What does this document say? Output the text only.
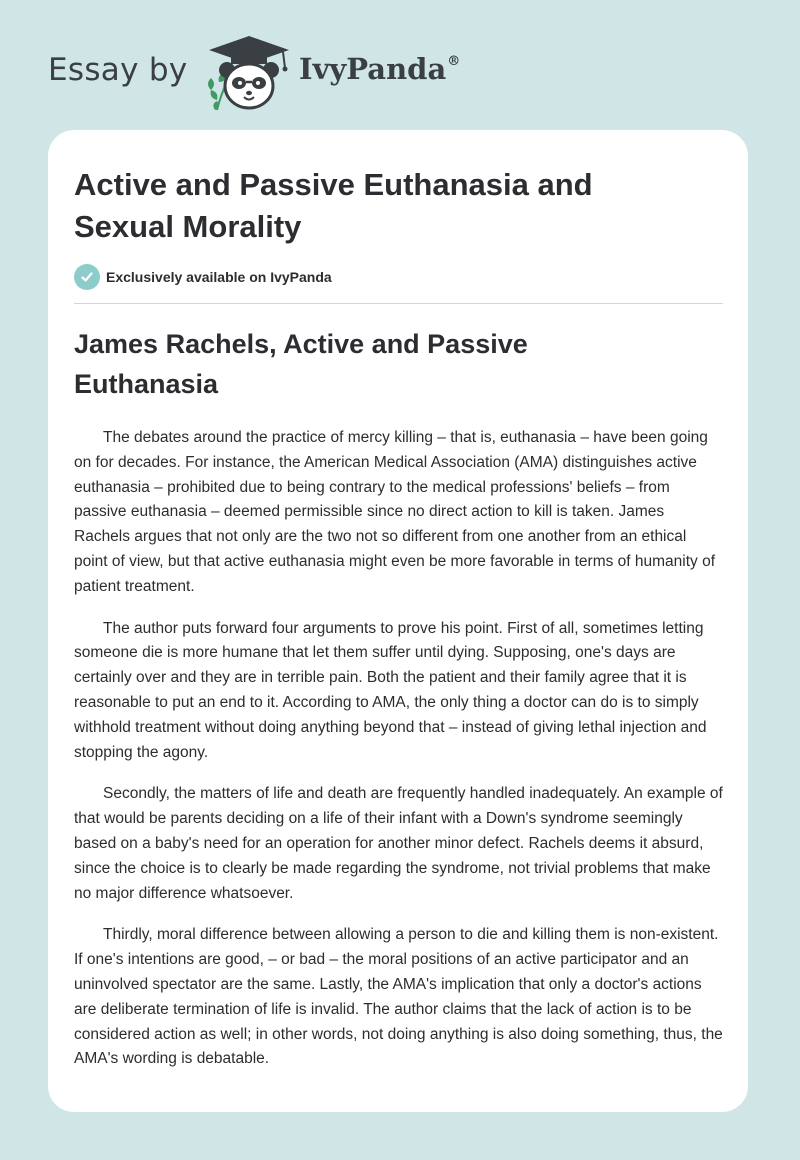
Essay by	IvyPanda®
Active and Passive Euthanasia and Sexual Morality
Exclusively available on IvyPanda
James Rachels, Active and Passive Euthanasia

The debates around the practice of mercy killing – that is, euthanasia – have been going on for decades. For instance, the American Medical Association (AMA) distinguishes active euthanasia – prohibited due to being contrary to the medical professions' beliefs – from passive euthanasia – deemed permissible since no direct action to kill is taken. James Rachels argues that not only are the two not so different from one another from an ethical point of view, but that active euthanasia might even be more favorable in terms of humanity of patient treatment.

The author puts forward four arguments to prove his point. First of all, sometimes letting someone die is more humane that let them suffer until dying. Supposing, one's days are certainly over and they are in terrible pain. Both the patient and their family agree that it is reasonable to put an end to it. According to AMA, the only thing a doctor can do is to simply withhold treatment without doing anything beyond that – instead of giving lethal injection and stopping the agony.

Secondly, the matters of life and death are frequently handled inadequately. An example of that would be parents deciding on a life of their infant with a Down's syndrome seemingly based on a baby's need for an operation for another minor defect. Rachels deems it absurd, since the choice is to clearly be made regarding the syndrome, not trivial problems that make no major difference whatsoever.

Thirdly, moral difference between allowing a person to die and killing them is non-existent. If one's intentions are good, – or bad – the moral positions of an active participator and an uninvolved spectator are the same. Lastly, the AMA's implication that only a doctor's actions are deliberate termination of life is invalid. The author claims that the lack of action is to be considered action as well; in other words, not doing anything is also doing something, thus, the AMA's wording is debatable.
